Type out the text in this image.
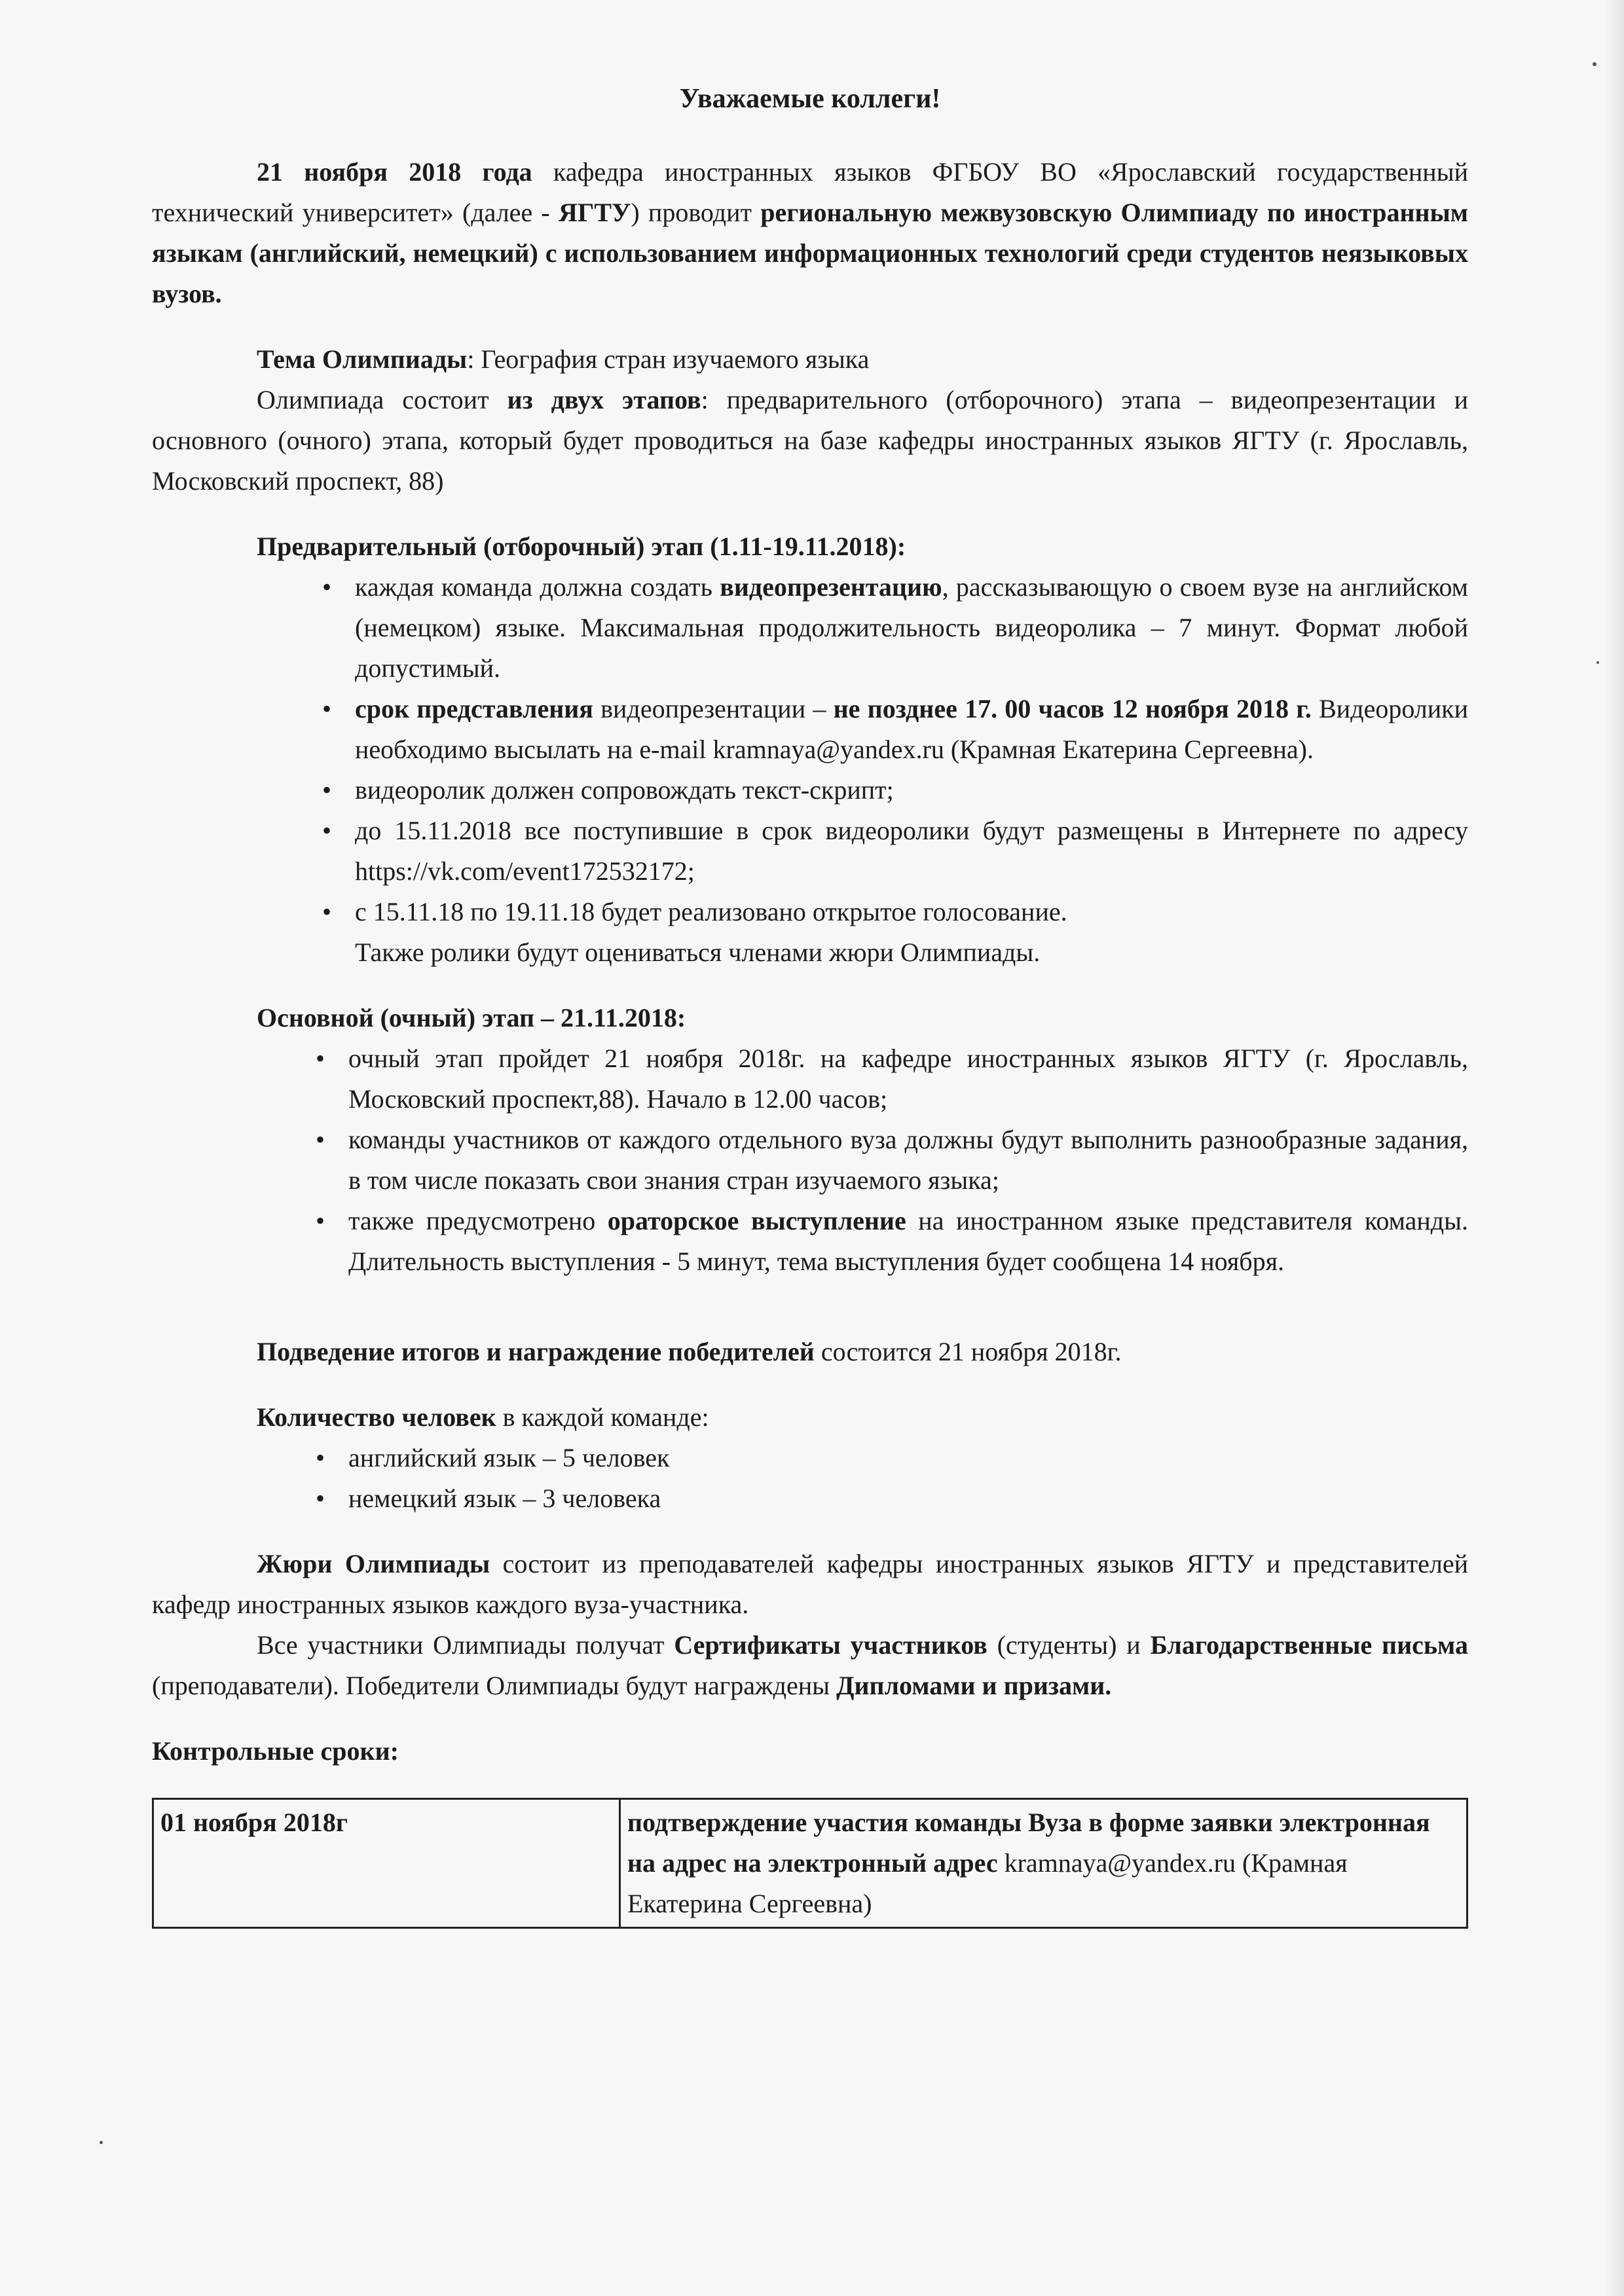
Уважаемые коллеги!

21 ноября 2018 года кафедра иностранных языков ФГБОУ ВО «Ярославский государственный технический университет» (далее - ЯГТУ) проводит региональную межвузовскую Олимпиаду по иностранным языкам (английский, немецкий) с использованием информационных технологий среди студентов неязыковых вузов.

Тема Олимпиады: География стран изучаемого языка

Олимпиада состоит из двух этапов: предварительного (отборочного) этапа – видеопрезентации и основного (очного) этапа, который будет проводиться на базе кафедры иностранных языков ЯГТУ (г. Ярославль, Московский проспект, 88)

Предварительный (отборочный) этап (1.11-19.11.2018):

• каждая команда должна создать видеопрезентацию, рассказывающую о своем вузе на английском (немецком) языке. Максимальная продолжительность видеоролика – 7 минут. Формат любой допустимый.
• срок представления видеопрезентации – не позднее 17. 00 часов 12 ноября 2018 г. Видеоролики необходимо высылать на e-mail kramnaya@yandex.ru (Крамная Екатерина Сергеевна).
• видеоролик должен сопровождать текст-скрипт;
• до 15.11.2018 все поступившие в срок видеоролики будут размещены в Интернете по адресу https://vk.com/event172532172;
• с 15.11.18 по 19.11.18 будет реализовано открытое голосование.
Также ролики будут оцениваться членами жюри Олимпиады.

Основной (очный) этап – 21.11.2018:

• очный этап пройдет 21 ноября 2018г. на кафедре иностранных языков ЯГТУ (г. Ярославль, Московский проспект,88). Начало в 12.00 часов;
• команды участников от каждого отдельного вуза должны будут выполнить разнообразные задания, в том числе показать свои знания стран изучаемого языка;
• также предусмотрено ораторское выступление на иностранном языке представителя команды. Длительность выступления - 5 минут, тема выступления будет сообщена 14 ноября.

Подведение итогов и награждение победителей состоится 21 ноября 2018г.

Количество человек в каждой команде:

• английский язык – 5 человек
• немецкий язык – 3 человека

Жюри Олимпиады состоит из преподавателей кафедры иностранных языков ЯГТУ и представителей кафедр иностранных языков каждого вуза-участника.

Все участники Олимпиады получат Сертификаты участников (студенты) и Благодарственные письма (преподаватели). Победители Олимпиады будут награждены Дипломами и призами.

Контрольные сроки:

01 ноября 2018г	подтверждение участия команды Вуза в форме заявки электронная на адрес на электронный адрес kramnaya@yandex.ru (Крамная Екатерина Сергеевна)
